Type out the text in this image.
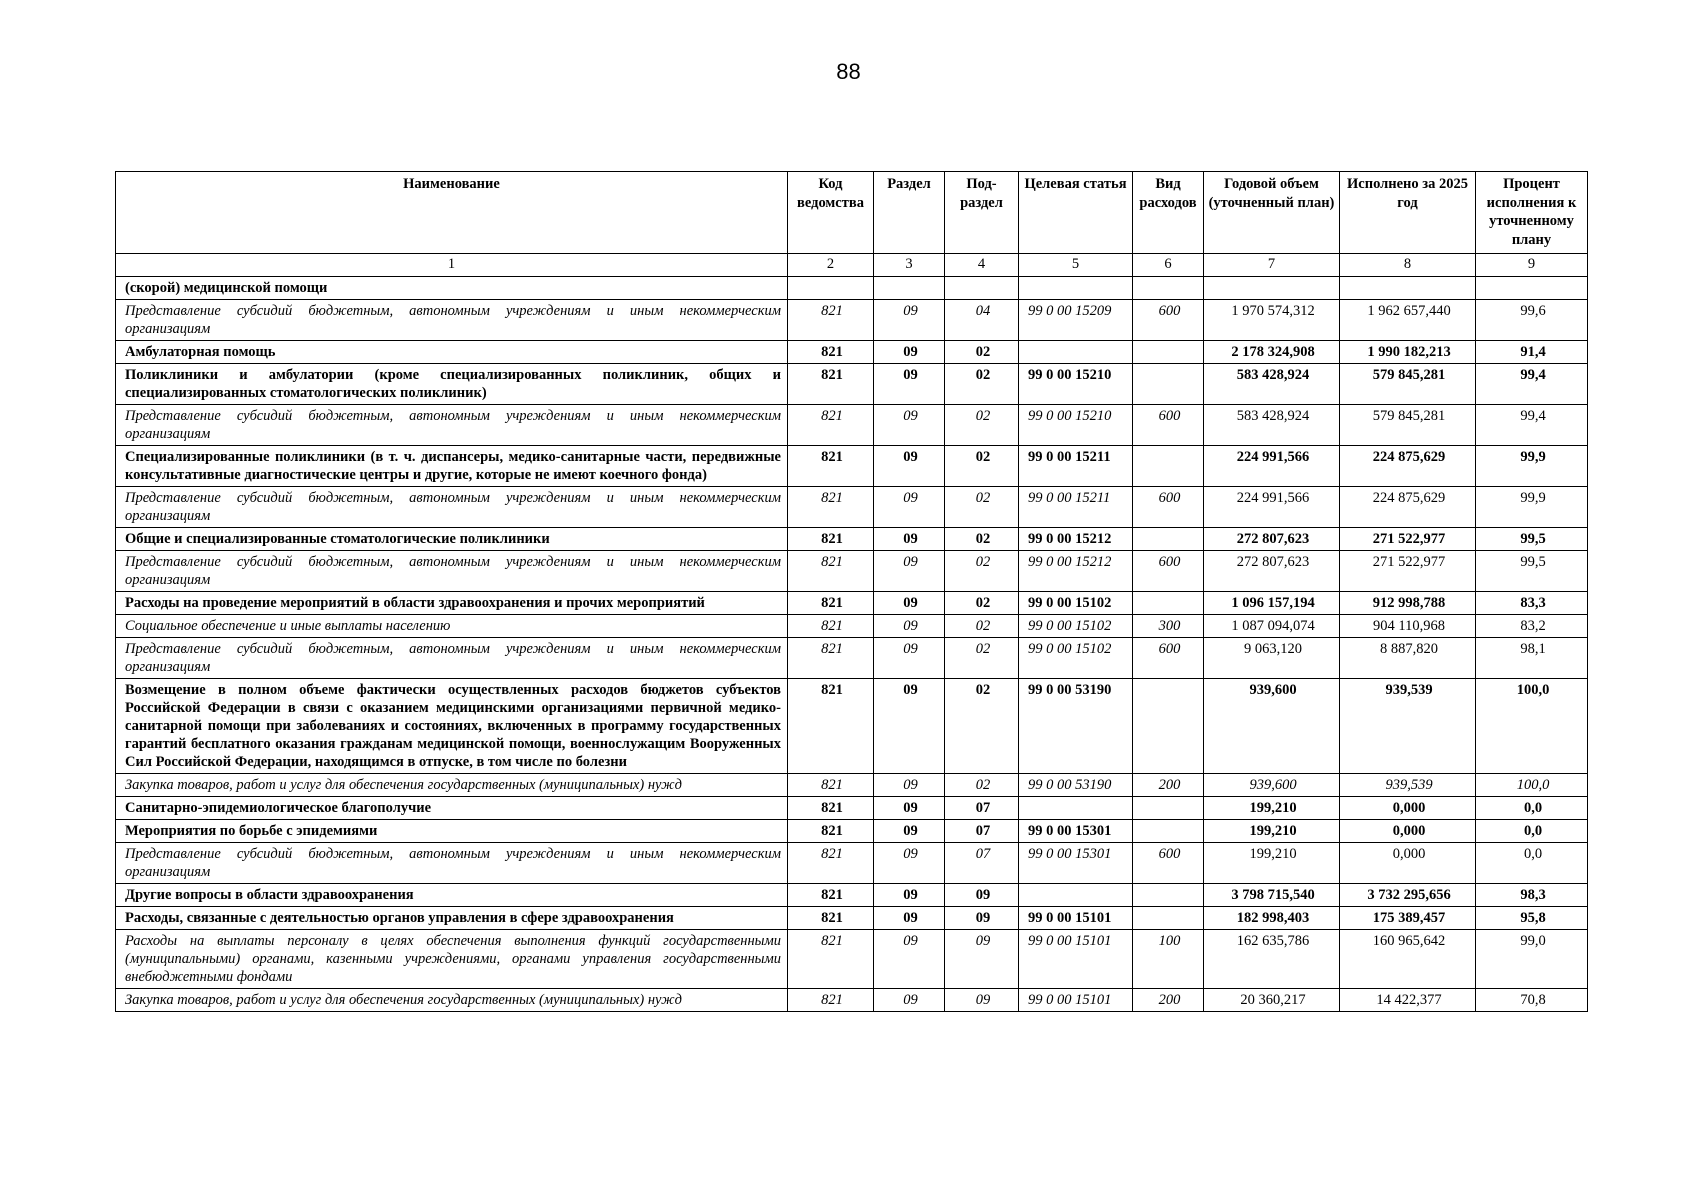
88
Наименование	Код ведомства	Раздел	Под-раздел	Целевая статья	Вид расходов	Годовой объем (уточненный план)	Исполнено за 2025 год	Процент исполнения к уточненному плану
1	2	3	4	5	6	7	8	9
(скорой) медицинской помощи								
Представление субсидий бюджетным, автономным учреждениям и иным некоммерческим организациям	821	09	04	99 0 00 15209	600	1 970 574,312	1 962 657,440	99,6
Амбулаторная помощь	821	09	02			2 178 324,908	1 990 182,213	91,4
Поликлиники и амбулатории (кроме специализированных поликлиник, общих и специализированных стоматологических поликлиник)	821	09	02	99 0 00 15210		583 428,924	579 845,281	99,4
Представление субсидий бюджетным, автономным учреждениям и иным некоммерческим организациям	821	09	02	99 0 00 15210	600	583 428,924	579 845,281	99,4
Специализированные поликлиники (в т. ч. диспансеры, медико-санитарные части, передвижные консультативные диагностические центры и другие, которые не имеют коечного фонда)	821	09	02	99 0 00 15211		224 991,566	224 875,629	99,9
Представление субсидий бюджетным, автономным учреждениям и иным некоммерческим организациям	821	09	02	99 0 00 15211	600	224 991,566	224 875,629	99,9
Общие и специализированные стоматологические поликлиники	821	09	02	99 0 00 15212		272 807,623	271 522,977	99,5
Представление субсидий бюджетным, автономным учреждениям и иным некоммерческим организациям	821	09	02	99 0 00 15212	600	272 807,623	271 522,977	99,5
Расходы на проведение мероприятий в области здравоохранения и прочих мероприятий	821	09	02	99 0 00 15102		1 096 157,194	912 998,788	83,3
Социальное обеспечение и иные выплаты населению	821	09	02	99 0 00 15102	300	1 087 094,074	904 110,968	83,2
Представление субсидий бюджетным, автономным учреждениям и иным некоммерческим организациям	821	09	02	99 0 00 15102	600	9 063,120	8 887,820	98,1
Возмещение в полном объеме фактически осуществленных расходов бюджетов субъектов Российской Федерации в связи с оказанием медицинскими организациями первичной медико-санитарной помощи при заболеваниях и состояниях, включенных в программу государственных гарантий бесплатного оказания гражданам медицинской помощи, военнослужащим Вооруженных Сил Российской Федерации, находящимся в отпуске, в том числе по болезни	821	09	02	99 0 00 53190		939,600	939,539	100,0
Закупка товаров, работ и услуг для обеспечения государственных (муниципальных) нужд	821	09	02	99 0 00 53190	200	939,600	939,539	100,0
Санитарно-эпидемиологическое благополучие	821	09	07			199,210	0,000	0,0
Мероприятия по борьбе с эпидемиями	821	09	07	99 0 00 15301		199,210	0,000	0,0
Представление субсидий бюджетным, автономным учреждениям и иным некоммерческим организациям	821	09	07	99 0 00 15301	600	199,210	0,000	0,0
Другие вопросы в области здравоохранения	821	09	09			3 798 715,540	3 732 295,656	98,3
Расходы, связанные с деятельностью органов управления в сфере здравоохранения	821	09	09	99 0 00 15101		182 998,403	175 389,457	95,8
Расходы на выплаты персоналу в целях обеспечения выполнения функций государственными (муниципальными) органами, казенными учреждениями, органами управления государственными внебюджетными фондами	821	09	09	99 0 00 15101	100	162 635,786	160 965,642	99,0
Закупка товаров, работ и услуг для обеспечения государственных (муниципальных) нужд	821	09	09	99 0 00 15101	200	20 360,217	14 422,377	70,8
